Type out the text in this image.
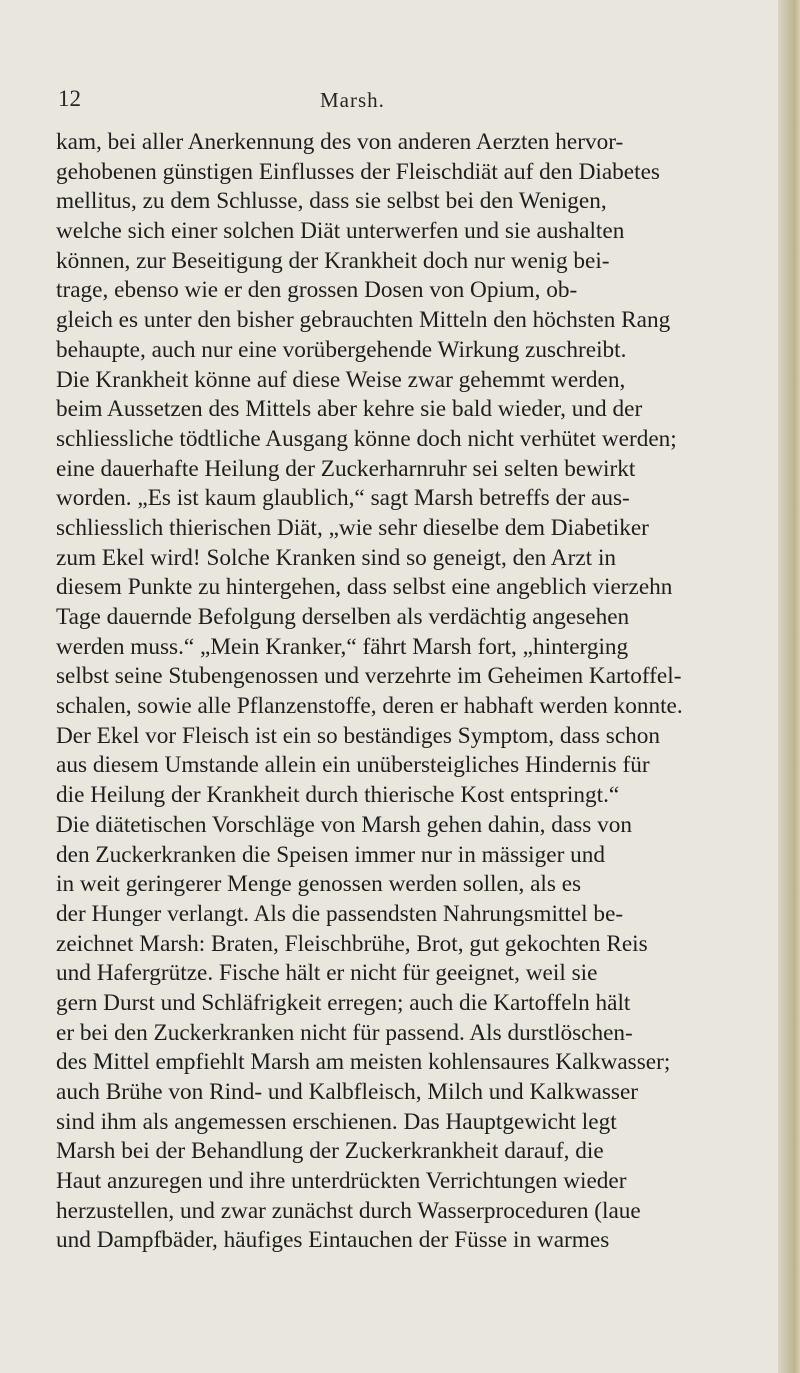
12	Marsh.
kam, bei aller Anerkennung des von anderen Aerzten hervor-
gehobenen günstigen Einflusses der Fleischdiät auf den Diabetes
mellitus, zu dem Schlusse, dass sie selbst bei den Wenigen,
welche sich einer solchen Diät unterwerfen und sie aushalten
können, zur Beseitigung der Krankheit doch nur wenig bei-
trage, ebenso wie er den grossen Dosen von Opium, ob-
gleich es unter den bisher gebrauchten Mitteln den höchsten Rang
behaupte, auch nur eine vorübergehende Wirkung zuschreibt.
Die Krankheit könne auf diese Weise zwar gehemmt werden,
beim Aussetzen des Mittels aber kehre sie bald wieder, und der
schliessliche tödtliche Ausgang könne doch nicht verhütet werden;
eine dauerhafte Heilung der Zuckerharnruhr sei selten bewirkt
worden. „Es ist kaum glaublich,“ sagt Marsh betreffs der aus-
schliesslich thierischen Diät, „wie sehr dieselbe dem Diabetiker
zum Ekel wird! Solche Kranken sind so geneigt, den Arzt in
diesem Punkte zu hintergehen, dass selbst eine angeblich vierzehn
Tage dauernde Befolgung derselben als verdächtig angesehen
werden muss.“ „Mein Kranker,“ fährt Marsh fort, „hinterging
selbst seine Stubengenossen und verzehrte im Geheimen Kartoffel-
schalen, sowie alle Pflanzenstoffe, deren er habhaft werden konnte.
Der Ekel vor Fleisch ist ein so beständiges Symptom, dass schon
aus diesem Umstande allein ein unübersteigliches Hindernis für
die Heilung der Krankheit durch thierische Kost entspringt.“
Die diätetischen Vorschläge von Marsh gehen dahin, dass von
den Zuckerkranken die Speisen immer nur in mässiger und
in weit geringerer Menge genossen werden sollen, als es
der Hunger verlangt. Als die passendsten Nahrungsmittel be-
zeichnet Marsh: Braten, Fleischbrühe, Brot, gut gekochten Reis
und Hafergrütze. Fische hält er nicht für geeignet, weil sie
gern Durst und Schläfrigkeit erregen; auch die Kartoffeln hält
er bei den Zuckerkranken nicht für passend. Als durstlöschen-
des Mittel empfiehlt Marsh am meisten kohlensaures Kalkwasser;
auch Brühe von Rind- und Kalbfleisch, Milch und Kalkwasser
sind ihm als angemessen erschienen. Das Hauptgewicht legt
Marsh bei der Behandlung der Zuckerkrankheit darauf, die
Haut anzuregen und ihre unterdrückten Verrichtungen wieder
herzustellen, und zwar zunächst durch Wasserproceduren (laue
und Dampfbäder, häufiges Eintauchen der Füsse in warmes
